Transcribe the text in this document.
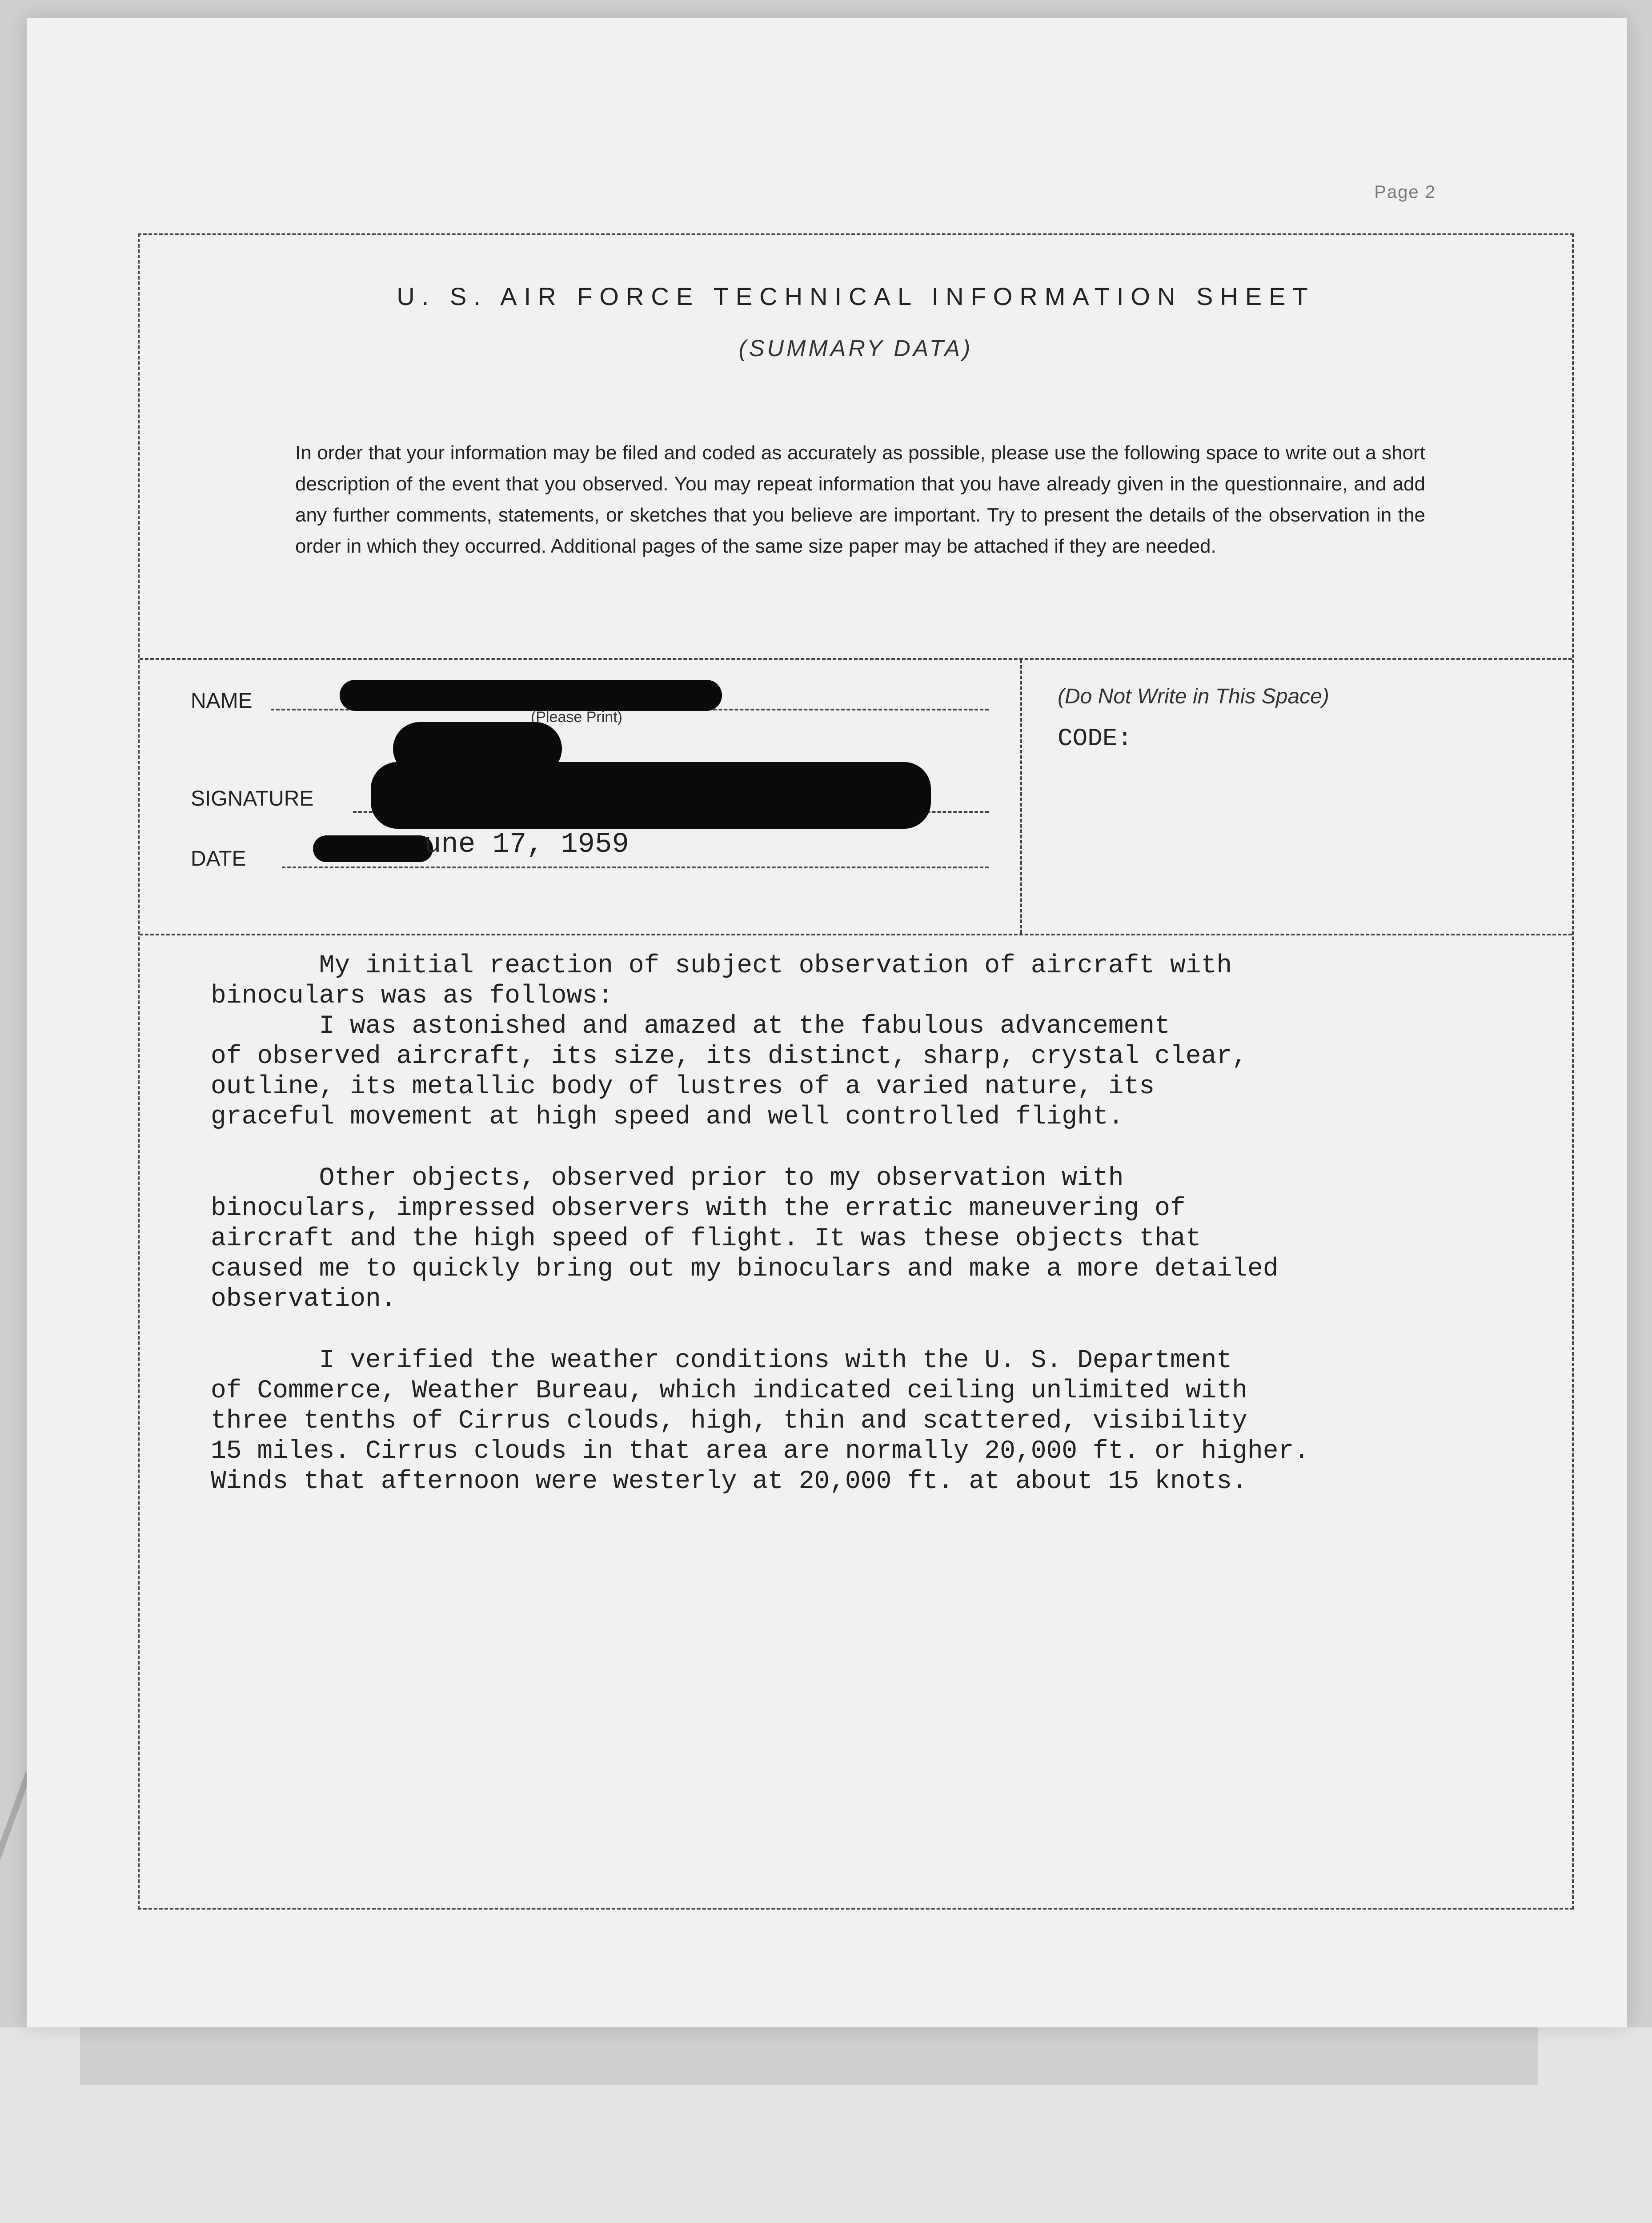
Page 2
U. S. AIR FORCE TECHNICAL INFORMATION SHEET
(SUMMARY DATA)
In order that your information may be filed and coded as accurately as possible, please use the following space to write out a short description of the event that you observed. You may repeat information that you have already given in the questionnaire, and add any further comments, statements, or sketches that you believe are important. Try to present the details of the observation in the order in which they occurred. Additional pages of the same size paper may be attached if they are needed.
NAME
(Please Print)
SIGNATURE
DATE	une 17, 1959
(Do Not Write in This Space)
CODE:

My initial reaction of subject observation of aircraft with
binoculars was as follows:
I was astonished and amazed at the fabulous advancement
of observed aircraft, its size, its distinct, sharp, crystal clear,
outline, its metallic body of lustres of a varied nature, its
graceful movement at high speed and well controlled flight.

Other objects, observed prior to my observation with
binoculars, impressed observers with the erratic maneuvering of
aircraft and the high speed of flight. It was these objects that
caused me to quickly bring out my binoculars and make a more detailed
observation.

I verified the weather conditions with the U. S. Department
of Commerce, Weather Bureau, which indicated ceiling unlimited with
three tenths of Cirrus clouds, high, thin and scattered, visibility
15 miles. Cirrus clouds in that area are normally 20,000 ft. or higher.
Winds that afternoon were westerly at 20,000 ft. at about 15 knots.
